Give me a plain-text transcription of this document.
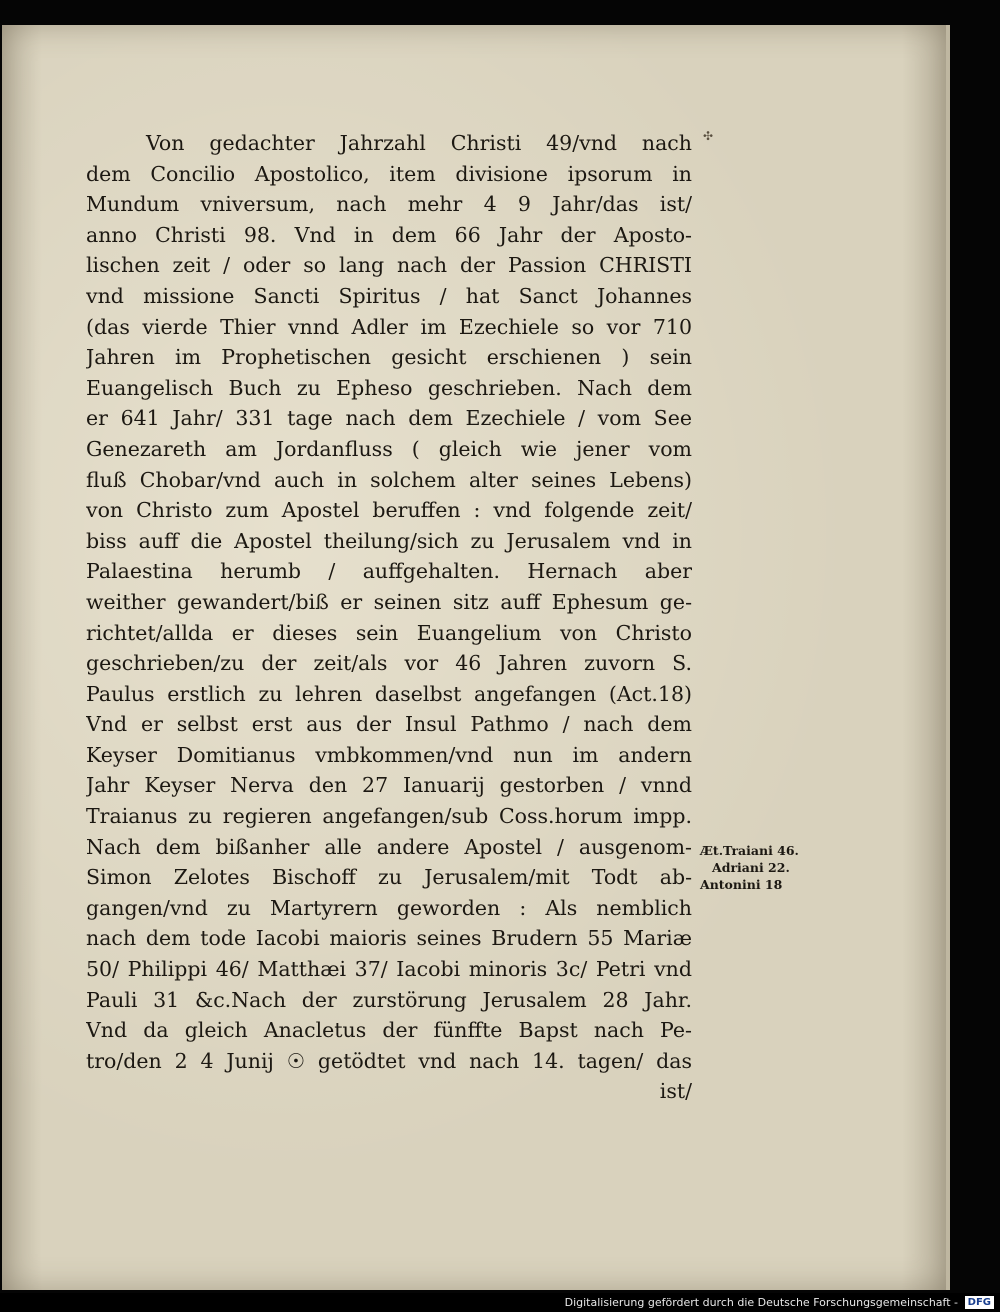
✣
Von gedachter Jahrzahl Christi 49/vnd nach
dem Concilio Apostolico, item divisione ipsorum in
Mundum vniversum, nach mehr 4 9 Jahr/das ist/
anno Christi 98. Vnd in dem 66 Jahr der Aposto-
lischen zeit / oder so lang nach der Passion CHRISTI
vnd missione Sancti Spiritus / hat Sanct Johannes
(das vierde Thier vnnd Adler im Ezechiele so vor 710
Jahren im Prophetischen gesicht erschienen ) sein
Euangelisch Buch zu Epheso geschrieben. Nach dem
er 641 Jahr/ 331 tage nach dem Ezechiele / vom See
Genezareth am Jordanfluss ( gleich wie jener vom
fluß Chobar/vnd auch in solchem alter seines Lebens)
von Christo zum Apostel beruffen : vnd folgende zeit/
biss auff die Apostel theilung/sich zu Jerusalem vnd in
Palaestina herumb / auffgehalten. Hernach aber
weither gewandert/biß er seinen sitz auff Ephesum ge-
richtet/allda er dieses sein Euangelium von Christo
geschrieben/zu der zeit/als vor 46 Jahren zuvorn S.
Paulus erstlich zu lehren daselbst angefangen (Act.18)
Vnd er selbst erst aus der Insul Pathmo / nach dem
Keyser Domitianus vmbkommen/vnd nun im andern
Jahr Keyser Nerva den 27 Ianuarij gestorben / vnnd
Traianus zu regieren angefangen/sub Coss.horum impp.
Nach dem bißanher alle andere Apostel / ausgenom-
Simon Zelotes Bischoff zu Jerusalem/mit Todt ab-
gangen/vnd zu Martyrern geworden : Als nemblich
nach dem tode Iacobi maioris seines Brudern 55 Mariæ
50/ Philippi 46/ Matthæi 37/ Iacobi minoris 3c/ Petri vnd
Pauli 31 &c.Nach der zurstörung Jerusalem 28 Jahr.
Vnd da gleich Anacletus der fünffte Bapst nach Pe-
tro/den 2 4 Junij ☉ getödtet vnd nach 14. tagen/ das
ist/
Æt.Traiani 46.
Adriani 22.
Antonini 18
Digitalisierung gefördert durch die Deutsche Forschungsgemeinschaft - DFG
